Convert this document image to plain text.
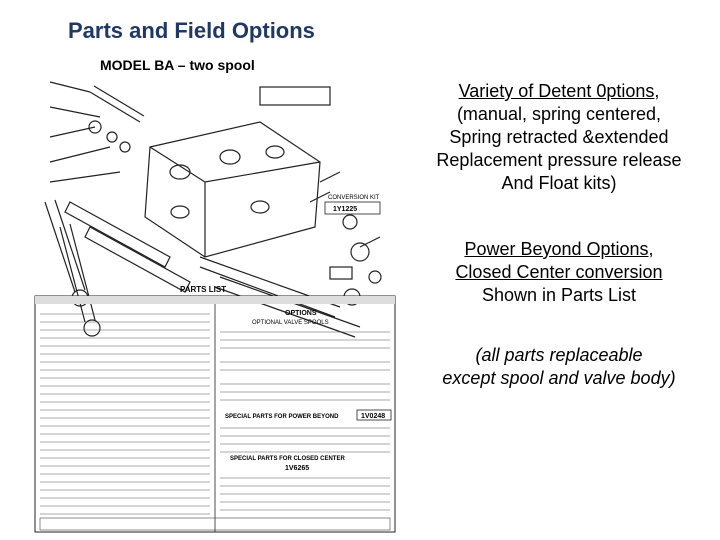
Parts and Field Options
MODEL BA – two spool
CONVERSION KIT
1Y1225
PARTS LIST
OPTIONS
OPTIONAL VALVE SPOOLS
SPECIAL PARTS FOR POWER BEYOND	1V0248
SPECIAL PARTS FOR CLOSED CENTER
1V6265
Variety of Detent 0ptions,
(manual, spring centered,
Spring retracted &extended
Replacement pressure release
And Float kits)
Power Beyond Options,
Closed Center conversion
Shown in Parts List
(all parts replaceable
except spool and valve body)
